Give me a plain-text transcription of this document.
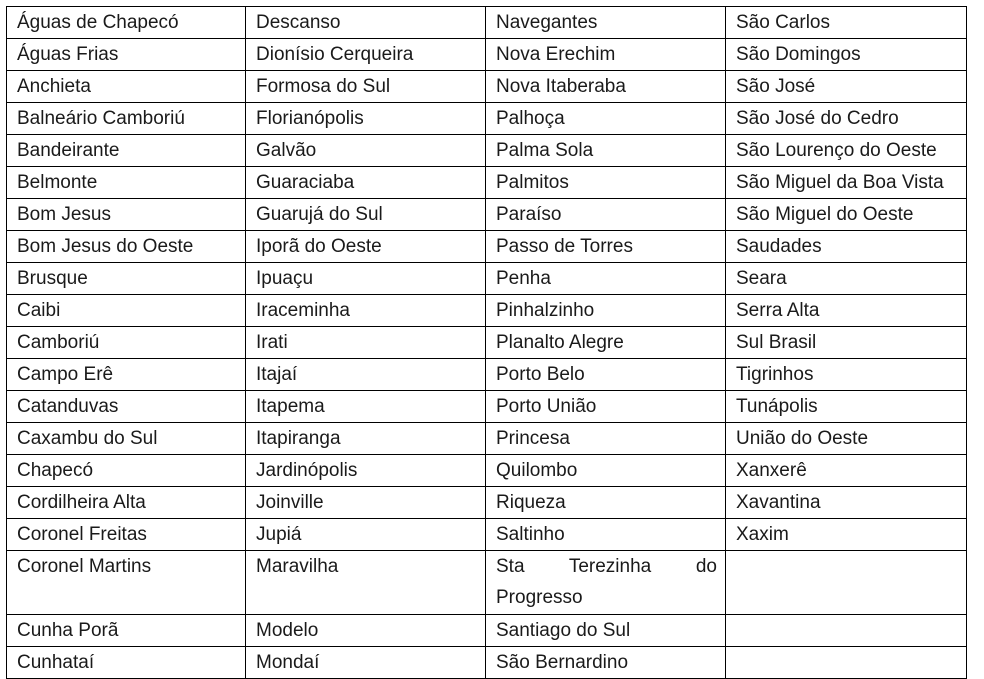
Águas de Chapecó	Descanso	Navegantes	São Carlos
Águas Frias	Dionísio Cerqueira	Nova Erechim	São Domingos
Anchieta	Formosa do Sul	Nova Itaberaba	São José
Balneário Camboriú	Florianópolis	Palhoça	São José do Cedro
Bandeirante	Galvão	Palma Sola	São Lourenço do Oeste
Belmonte	Guaraciaba	Palmitos	São Miguel da Boa Vista
Bom Jesus	Guarujá do Sul	Paraíso	São Miguel do Oeste
Bom Jesus do Oeste	Iporã do Oeste	Passo de Torres	Saudades
Brusque	Ipuaçu	Penha	Seara
Caibi	Iraceminha	Pinhalzinho	Serra Alta
Camboriú	Irati	Planalto Alegre	Sul Brasil
Campo Erê	Itajaí	Porto Belo	Tigrinhos
Catanduvas	Itapema	Porto União	Tunápolis
Caxambu do Sul	Itapiranga	Princesa	União do Oeste
Chapecó	Jardinópolis	Quilombo	Xanxerê
Cordilheira Alta	Joinville	Riqueza	Xavantina
Coronel Freitas	Jupiá	Saltinho	Xaxim
Coronel Martins	Maravilha	Sta Terezinha do Progresso	
Cunha Porã	Modelo	Santiago do Sul	
Cunhataí	Mondaí	São Bernardino	
